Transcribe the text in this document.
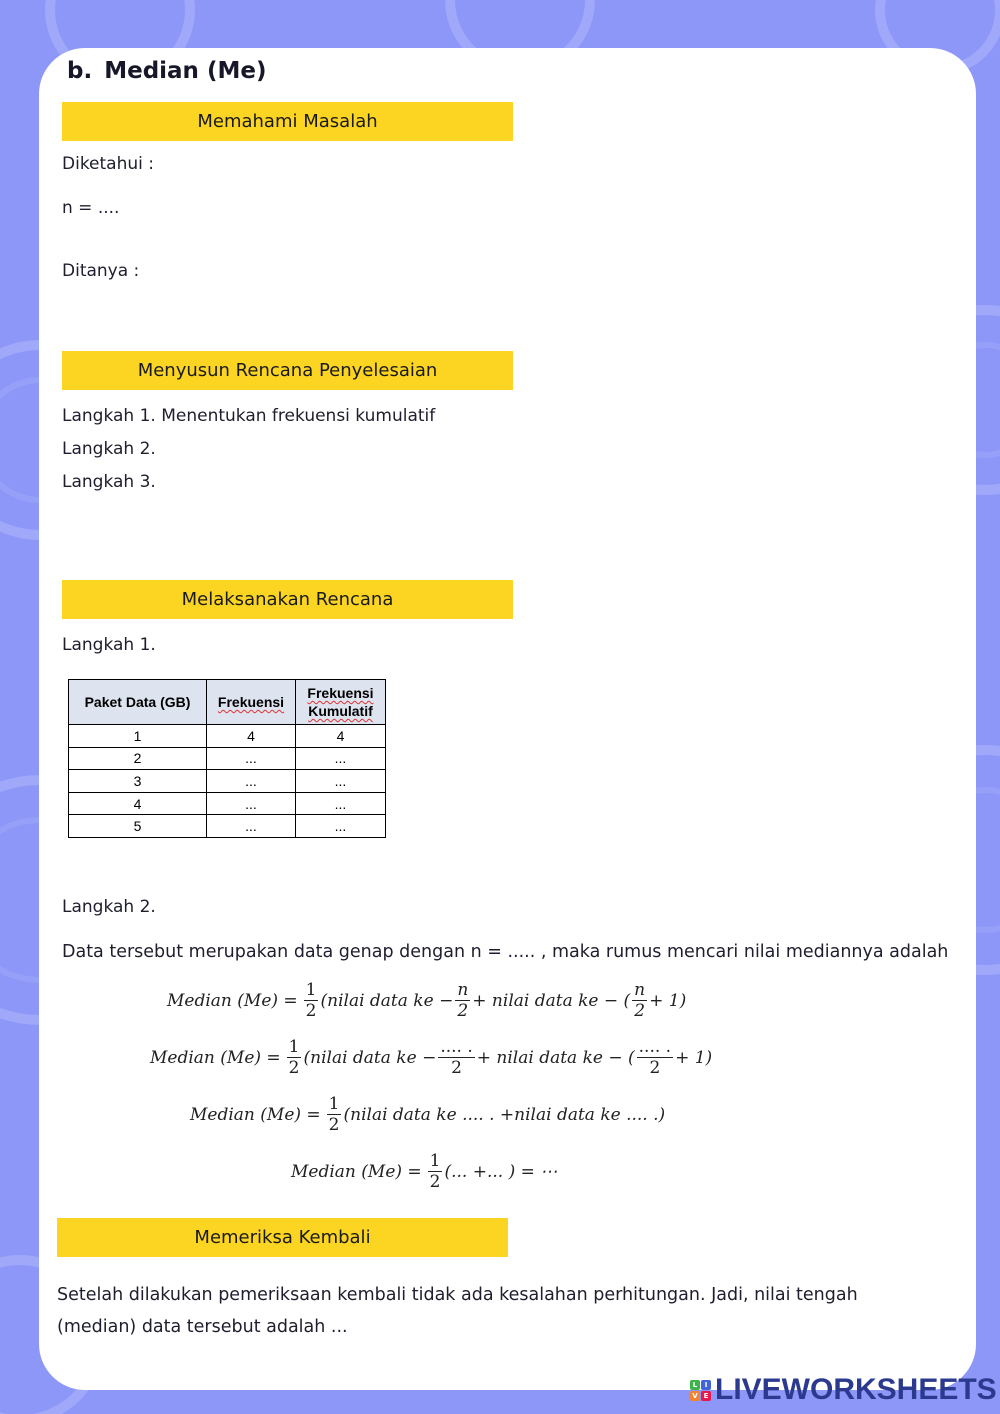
b. Median (Me)
Memahami Masalah
Diketahui :
n = ....
Ditanya :
Menyusun Rencana Penyelesaian
Langkah 1. Menentukan frekuensi kumulatif
Langkah 2.
Langkah 3.
Melaksanakan Rencana
Langkah 1.
Paket Data (GB)	Frekuensi	Frekuensi
Kumulatif
1	4	4
2	...	...
3	...	...
4	...	...
5	...	...
Langkah 2.
Data tersebut merupakan data genap dengan n = ..... , maka rumus mencari nilai mediannya adalah
Median $(Me) = \frac{1}{2}$ (nilai data ke − $\frac{n}{2}$ + nilai data ke − ( $\frac{n}{2} + 1$)
Median $(Me) = \frac{1}{2}$ (nilai data ke − $\frac{.... .}{2}$ + nilai data ke − ( $\frac{.... .}{2} + 1$)
Median $(Me) = \frac{1}{2}$ (nilai data ke .... . +nilai data ke .... .)
Median $(Me) = \frac{1}{2}$ (... +... ) = ⋯
Memeriksa Kembali
Setelah dilakukan pemeriksaan kembali tidak ada kesalahan perhitungan. Jadi, nilai tengah
(median) data tersebut adalah ...
L	I
V E LIVEWORKSHEETS
